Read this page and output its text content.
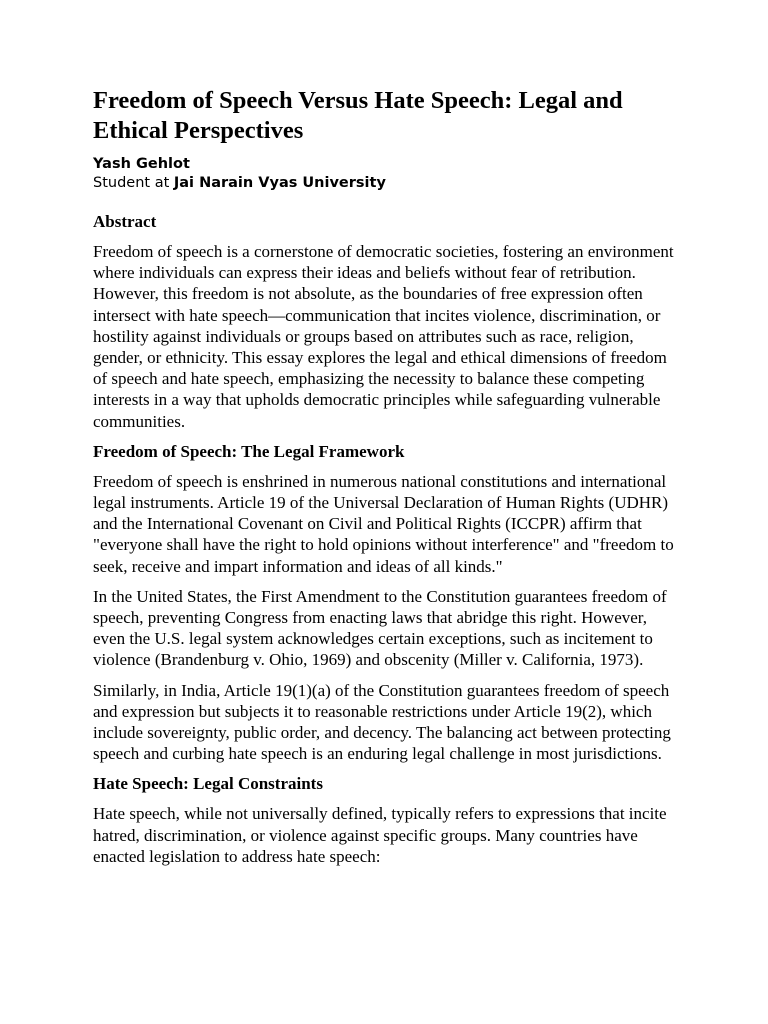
Freedom of Speech Versus Hate Speech: Legal and Ethical Perspectives

Yash Gehlot

Student at Jai Narain Vyas University

Abstract

Freedom of speech is a cornerstone of democratic societies, fostering an environment where individuals can express their ideas and beliefs without fear of retribution. However, this freedom is not absolute, as the boundaries of free expression often intersect with hate speech—communication that incites violence, discrimination, or hostility against individuals or groups based on attributes such as race, religion, gender, or ethnicity. This essay explores the legal and ethical dimensions of freedom of speech and hate speech, emphasizing the necessity to balance these competing interests in a way that upholds democratic principles while safeguarding vulnerable communities.

Freedom of Speech: The Legal Framework

Freedom of speech is enshrined in numerous national constitutions and international legal instruments. Article 19 of the Universal Declaration of Human Rights (UDHR) and the International Covenant on Civil and Political Rights (ICCPR) affirm that "everyone shall have the right to hold opinions without interference" and "freedom to seek, receive and impart information and ideas of all kinds."

In the United States, the First Amendment to the Constitution guarantees freedom of speech, preventing Congress from enacting laws that abridge this right. However, even the U.S. legal system acknowledges certain exceptions, such as incitement to violence (Brandenburg v. Ohio, 1969) and obscenity (Miller v. California, 1973).

Similarly, in India, Article 19(1)(a) of the Constitution guarantees freedom of speech and expression but subjects it to reasonable restrictions under Article 19(2), which include sovereignty, public order, and decency. The balancing act between protecting speech and curbing hate speech is an enduring legal challenge in most jurisdictions.

Hate Speech: Legal Constraints

Hate speech, while not universally defined, typically refers to expressions that incite hatred, discrimination, or violence against specific groups. Many countries have enacted legislation to address hate speech:
